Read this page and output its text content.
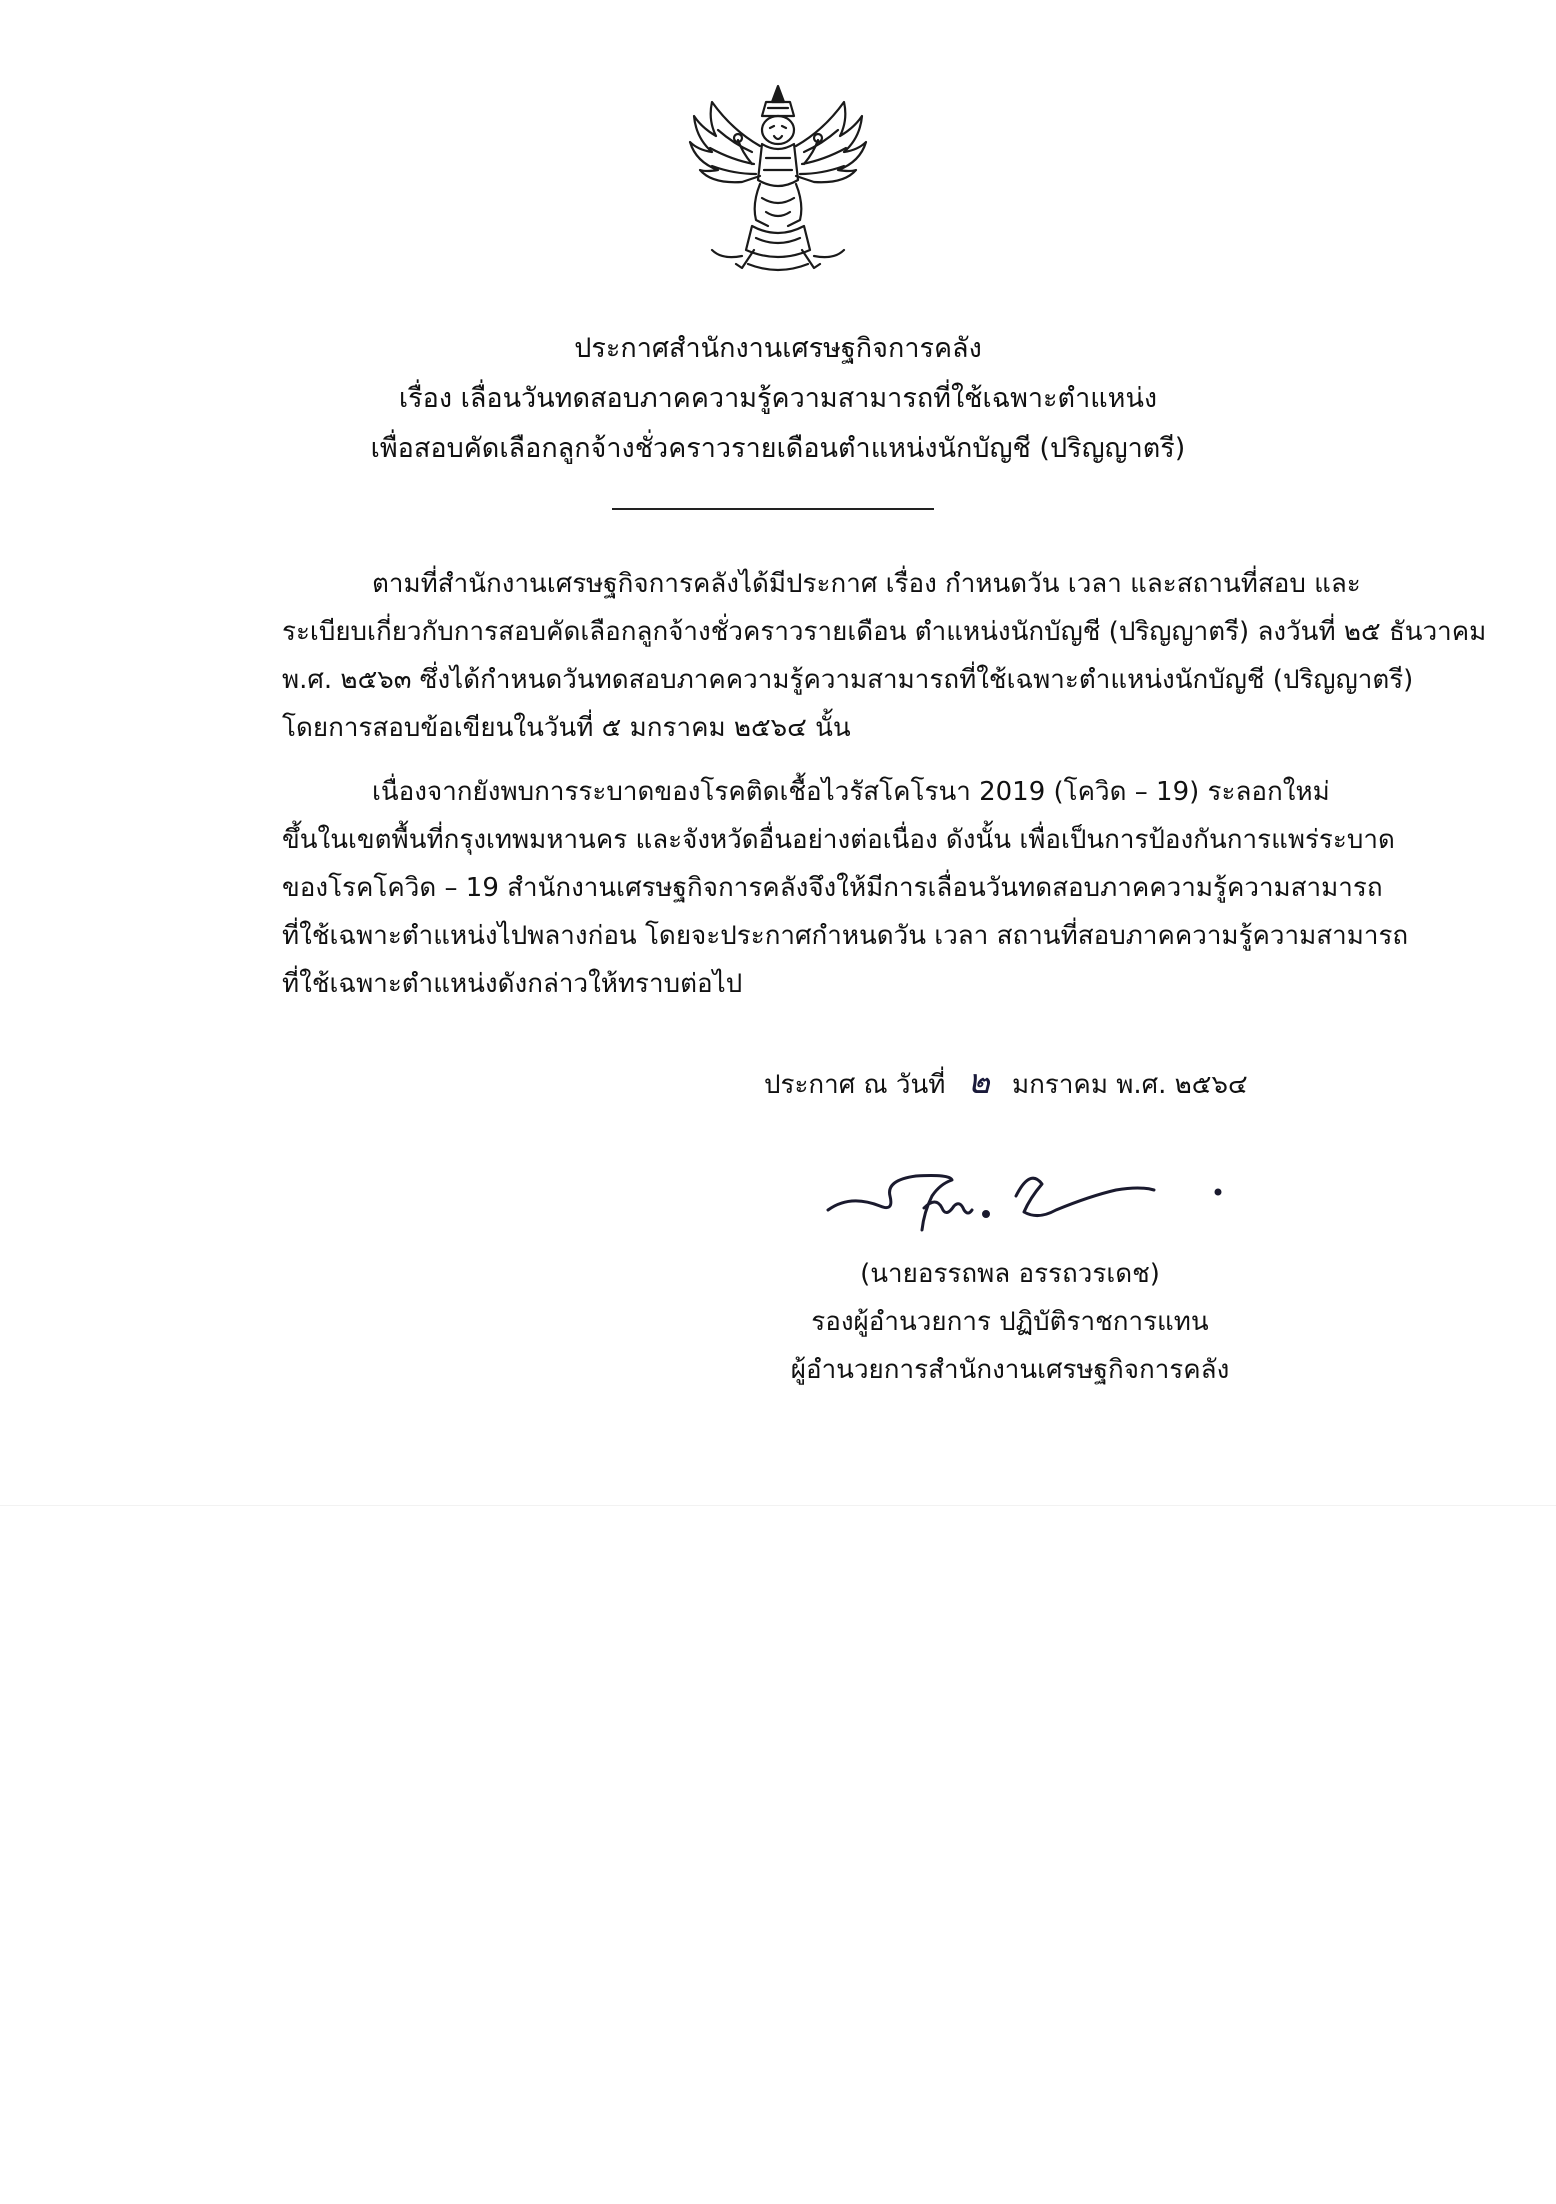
ประกาศสำนักงานเศรษฐกิจการคลัง
เรื่อง เลื่อนวันทดสอบภาคความรู้ความสามารถที่ใช้เฉพาะตำแหน่ง
เพื่อสอบคัดเลือกลูกจ้างชั่วคราวรายเดือนตำแหน่งนักบัญชี (ปริญญาตรี)
ตามที่สำนักงานเศรษฐกิจการคลังได้มีประกาศ เรื่อง กำหนดวัน เวลา และสถานที่สอบ และ
ระเบียบเกี่ยวกับการสอบคัดเลือกลูกจ้างชั่วคราวรายเดือน ตำแหน่งนักบัญชี (ปริญญาตรี) ลงวันที่ ๒๕ ธันวาคม
พ.ศ. ๒๕๖๓ ซึ่งได้กำหนดวันทดสอบภาคความรู้ความสามารถที่ใช้เฉพาะตำแหน่งนักบัญชี (ปริญญาตรี)
โดยการสอบข้อเขียนในวันที่ ๕ มกราคม ๒๕๖๔ นั้น
เนื่องจากยังพบการระบาดของโรคติดเชื้อไวรัสโคโรนา 2019 (โควิด – 19) ระลอกใหม่
ขึ้นในเขตพื้นที่กรุงเทพมหานคร และจังหวัดอื่นอย่างต่อเนื่อง ดังนั้น เพื่อเป็นการป้องกันการแพร่ระบาด
ของโรคโควิด – 19 สำนักงานเศรษฐกิจการคลังจึงให้มีการเลื่อนวันทดสอบภาคความรู้ความสามารถ
ที่ใช้เฉพาะตำแหน่งไปพลางก่อน โดยจะประกาศกำหนดวัน เวลา สถานที่สอบภาคความรู้ความสามารถ
ที่ใช้เฉพาะตำแหน่งดังกล่าวให้ทราบต่อไป
ประกาศ ณ วันที่ ๒ มกราคม พ.ศ. ๒๕๖๔
(นายอรรถพล อรรถวรเดช)
รองผู้อำนวยการ ปฏิบัติราชการแทน
ผู้อำนวยการสำนักงานเศรษฐกิจการคลัง
